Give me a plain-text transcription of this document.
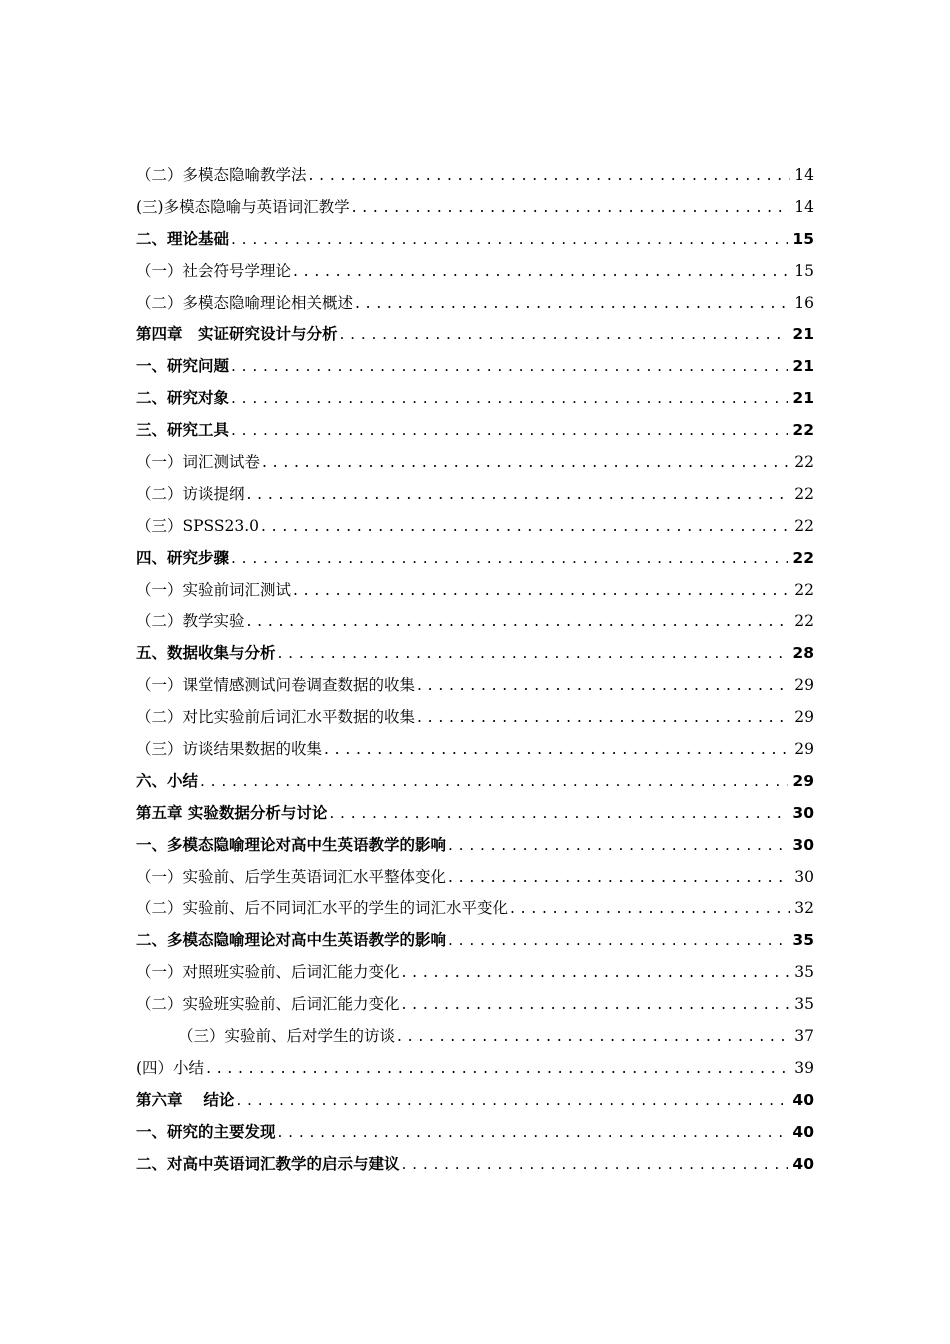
（二）多模态隐喻教学法 . . .	14
(三)多模态隐喻与英语词汇教学 . . .	14
二、理论基础 . . .	15
（一）社会符号学理论 . . .	15
（二）多模态隐喻理论相关概述 . . .	16
第四章　实证研究设计与分析 . . .	21
一、研究问题 . . .	21
二、研究对象 . . .	21
三、研究工具 . . .	22
（一）词汇测试卷 . . .	22
（二）访谈提纲 . . .	22
（三）SPSS23.0 . . .	22
四、研究步骤 . . .	22
（一）实验前词汇测试 . . .	22
（二）教学实验 . . .	22
五、数据收集与分析 . . .	28
（一）课堂情感测试问卷调查数据的收集 . . .	29
（二）对比实验前后词汇水平数据的收集 . . .	29
（三）访谈结果数据的收集 . . .	29
六、小结 . . .	29
第五章 实验数据分析与讨论 . . .	30
一、多模态隐喻理论对高中生英语教学的影响 . . .	30
（一）实验前、后学生英语词汇水平整体变化 . . .	30
（二）实验前、后不同词汇水平的学生的词汇水平变化 . . .	32
二、多模态隐喻理论对高中生英语教学的影响 . . .	35
（一）对照班实验前、后词汇能力变化 . . .	35
（二）实验班实验前、后词汇能力变化 . . .	35
（三）实验前、后对学生的访谈 . . .	37
(四）小结 . . .	39
第六章　 结论 . . .	40
一、研究的主要发现 . . .	40
二、对高中英语词汇教学的启示与建议 . . .	40
